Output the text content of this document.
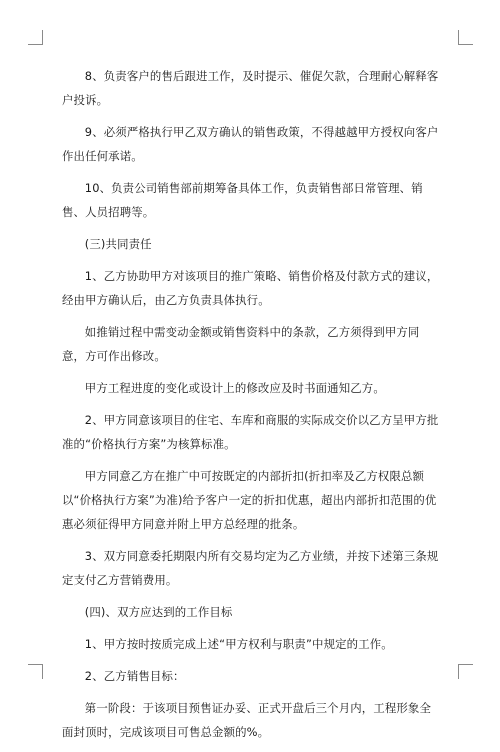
8、负责客户的售后跟进工作，及时提示、催促欠款，合理耐心解释客户投诉。

9、必须严格执行甲乙双方确认的销售政策，不得越越甲方授权向客户作出任何承诺。

10、负责公司销售部前期筹备具体工作，负责销售部日常管理、销售、人员招聘等。

(三)共同责任

1、乙方协助甲方对该项目的推广策略、销售价格及付款方式的建议，经由甲方确认后，由乙方负责具体执行。

如推销过程中需变动金额或销售资料中的条款，乙方须得到甲方同意，方可作出修改。

甲方工程进度的变化或设计上的修改应及时书面通知乙方。

2、甲方同意该项目的住宅、车库和商服的实际成交价以乙方呈甲方批准的“价格执行方案”为核算标准。

甲方同意乙方在推广中可按既定的内部折扣(折扣率及乙方权限总额以“价格执行方案”为准)给予客户一定的折扣优惠，超出内部折扣范围的优惠必须征得甲方同意并附上甲方总经理的批条。

3、双方同意委托期限内所有交易均定为乙方业绩，并按下述第三条规定支付乙方营销费用。

(四)、双方应达到的工作目标

1、甲方按时按质完成上述“甲方权利与职责”中规定的工作。

2、乙方销售目标：

第一阶段：于该项目预售证办妥、正式开盘后三个月内，工程形象全面封顶时，完成该项目可售总金额的%。
